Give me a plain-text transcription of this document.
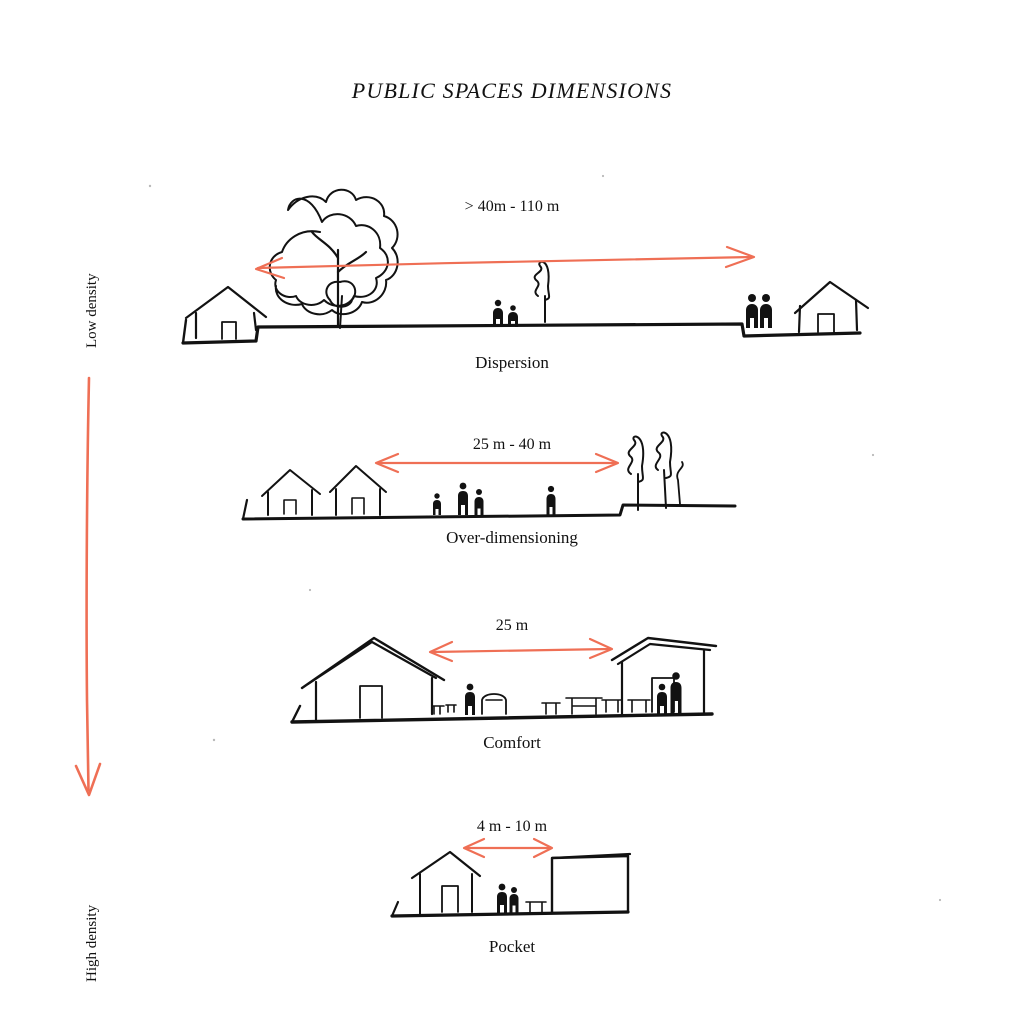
PUBLIC SPACES DIMENSIONS
Low density
High density
> 40m - 110 m
Dispersion
25 m - 40 m
Over-dimensioning
25 m
Comfort
4 m - 10 m
Pocket
